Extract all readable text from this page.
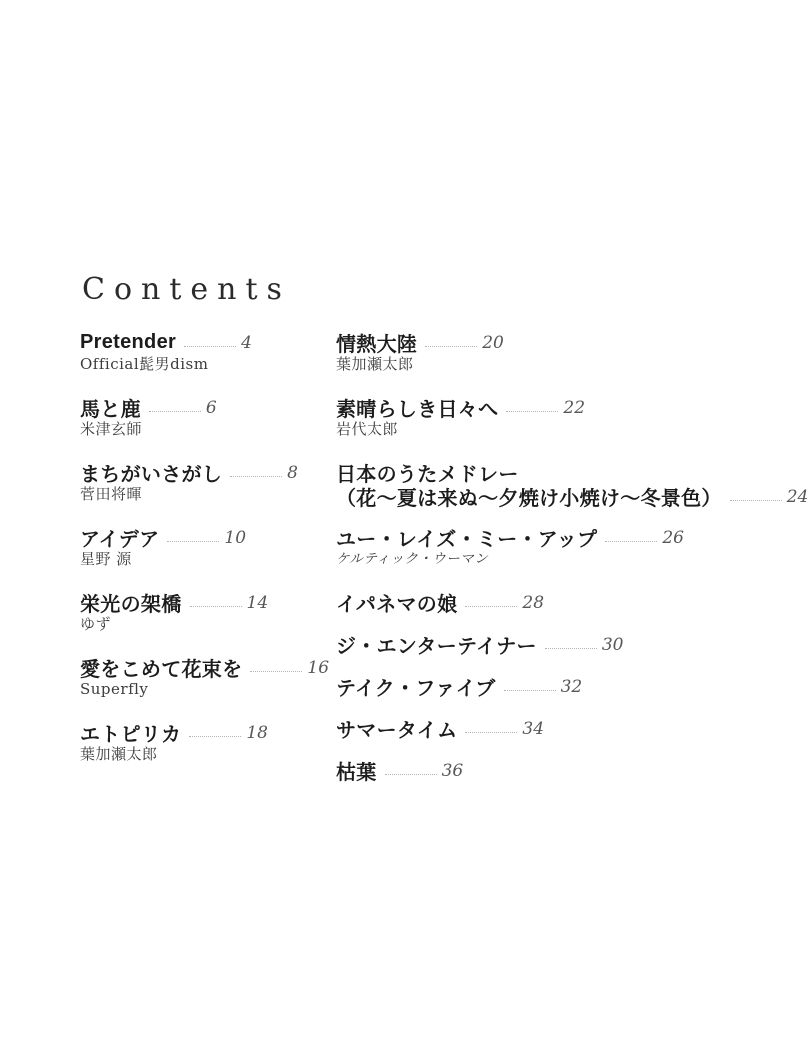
Contents
Pretender	4
Official髭男dism
馬と鹿	6
米津玄師
まちがいさがし	8
菅田将暉
アイデア	10
星野 源
栄光の架橋	14
ゆず
愛をこめて花束を	16
Superfly
エトピリカ	18
葉加瀬太郎
情熱大陸	20
葉加瀬太郎
素晴らしき日々へ	22
岩代太郎
日本のうたメドレー
（花～夏は来ぬ～夕焼け小焼け～冬景色）	24
ユー・レイズ・ミー・アップ	26
ケルティック・ウーマン
イパネマの娘	28
ジ・エンターテイナー	30
テイク・ファイブ	32
サマータイム	34
枯葉	36
